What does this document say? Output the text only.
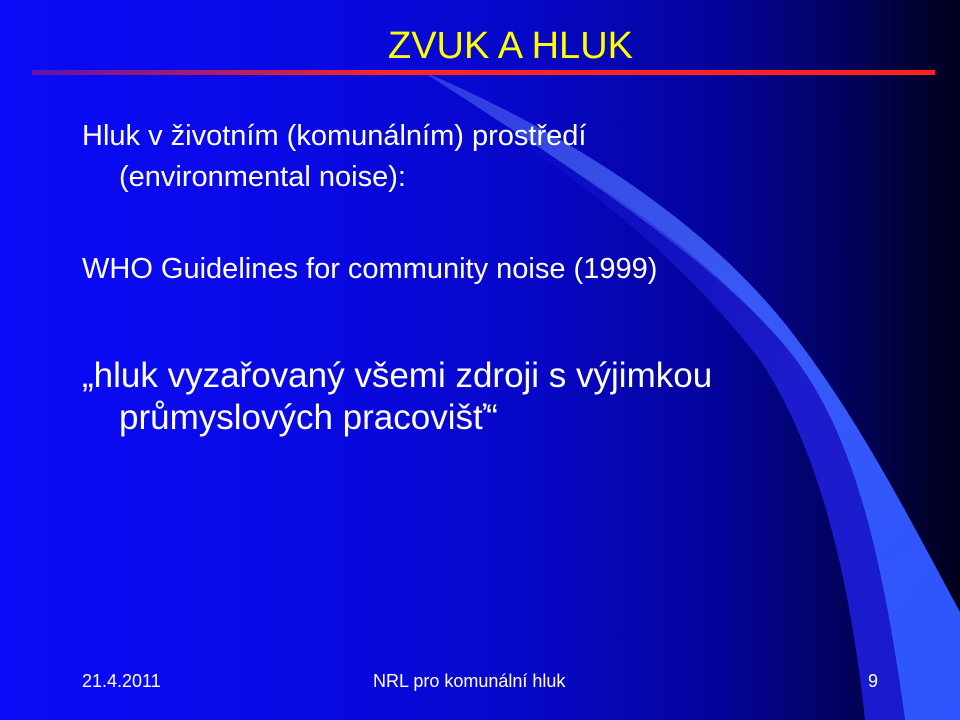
ZVUK A HLUK

Hluk v životním (komunálním) prostředí

(environmental noise):

WHO Guidelines for community noise (1999)

„hluk vyzařovaný všemi zdroji s výjimkou

průmyslových pracovišť“

21.4.2011	NRL pro komunální hluk	9
